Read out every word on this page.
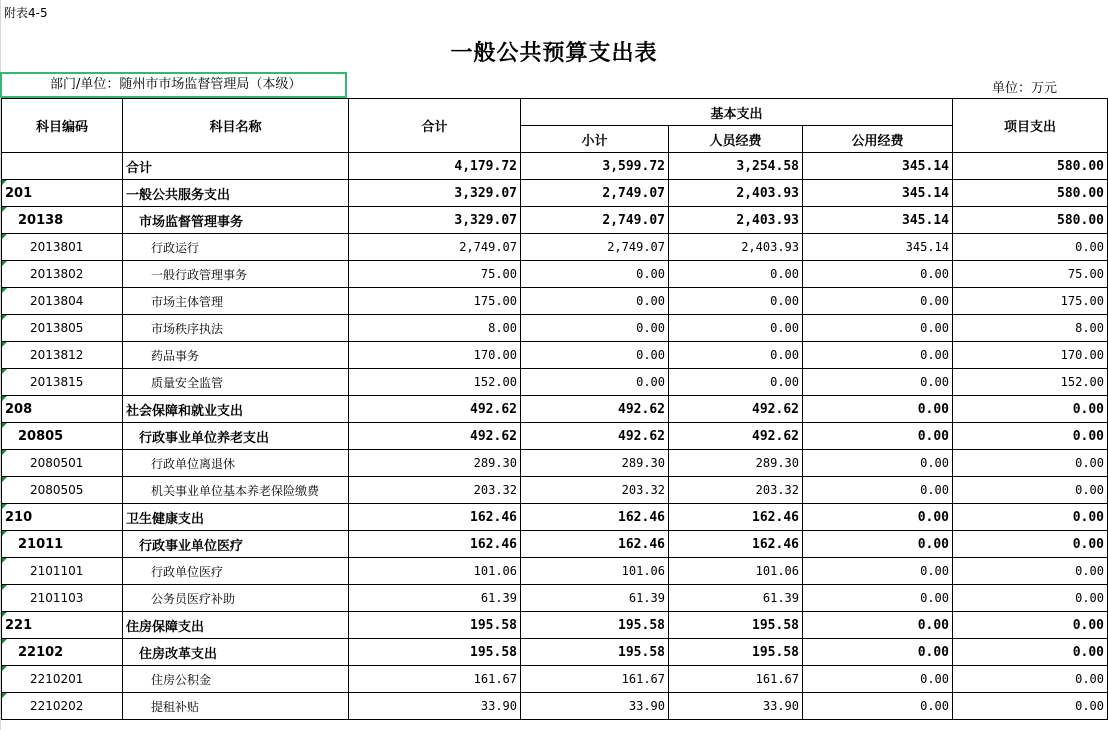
附表4-5
一般公共预算支出表
部门/单位：随州市市场监督管理局（本级）	单位：万元
科目编码	科目名称	合计	基本支出			项目支出
			小计	人员经费	公用经费	
	合计	4,179.72	3,599.72	3,254.58	345.14	580.00
201	一般公共服务支出	3,329.07	2,749.07	2,403.93	345.14	580.00
20138	市场监督管理事务	3,329.07	2,749.07	2,403.93	345.14	580.00
2013801	行政运行	2,749.07	2,749.07	2,403.93	345.14	0.00
2013802	一般行政管理事务	75.00	0.00	0.00	0.00	75.00
2013804	市场主体管理	175.00	0.00	0.00	0.00	175.00
2013805	市场秩序执法	8.00	0.00	0.00	0.00	8.00
2013812	药品事务	170.00	0.00	0.00	0.00	170.00
2013815	质量安全监管	152.00	0.00	0.00	0.00	152.00
208	社会保障和就业支出	492.62	492.62	492.62	0.00	0.00
20805	行政事业单位养老支出	492.62	492.62	492.62	0.00	0.00
2080501	行政单位离退休	289.30	289.30	289.30	0.00	0.00
2080505	机关事业单位基本养老保险缴费	203.32	203.32	203.32	0.00	0.00
210	卫生健康支出	162.46	162.46	162.46	0.00	0.00
21011	行政事业单位医疗	162.46	162.46	162.46	0.00	0.00
2101101	行政单位医疗	101.06	101.06	101.06	0.00	0.00
2101103	公务员医疗补助	61.39	61.39	61.39	0.00	0.00
221	住房保障支出	195.58	195.58	195.58	0.00	0.00
22102	住房改革支出	195.58	195.58	195.58	0.00	0.00
2210201	住房公积金	161.67	161.67	161.67	0.00	0.00
2210202	提租补贴	33.90	33.90	33.90	0.00	0.00
